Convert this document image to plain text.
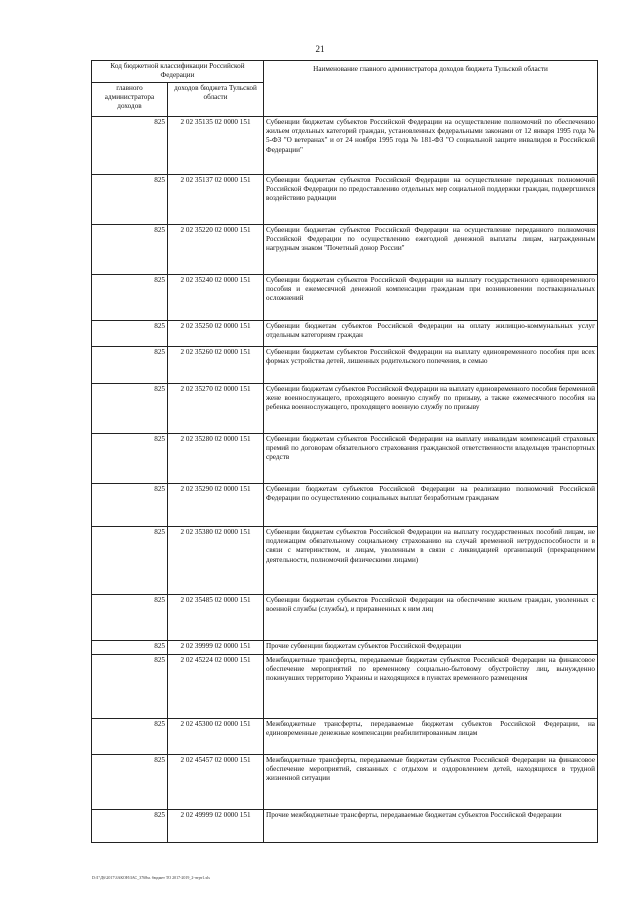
21
Код бюджетной классификации Российской Федерации		Наименование главного администратора доходов бюджета Тульской области
главного администратора доходов	доходов бюджета Тульской области	
825	2 02 35135 02 0000 151	Субвенции бюджетам субъектов Российской Федерации на осуществление полномочий по обеспечению жильем отдельных категорий граждан, установленных федеральными законами от 12 января 1995 года № 5-ФЗ "О ветеранах" и от 24 ноября 1995 года № 181-ФЗ "О социальной защите инвалидов в Российской Федерации"
825	2 02 35137 02 0000 151	Субвенции бюджетам субъектов Российской Федерации на осуществление переданных полномочий Российской Федерации по предоставлению отдельных мер социальной поддержки граждан, подвергшихся воздействию радиации
825	2 02 35220 02 0000 151	Субвенции бюджетам субъектов Российской Федерации на осуществление переданного полномочия Российской Федерации по осуществлению ежегодной денежной выплаты лицам, награжденным нагрудным знаком "Почетный донор России"
825	2 02 35240 02 0000 151	Субвенции бюджетам субъектов Российской Федерации на выплату государственного единовременного пособия и ежемесячной денежной компенсации гражданам при возникновении поствакцинальных осложнений
825	2 02 35250 02 0000 151	Субвенции бюджетам субъектов Российской Федерации на оплату жилищно-коммунальных услуг отдельным категориям граждан
825	2 02 35260 02 0000 151	Субвенции бюджетам субъектов Российской Федерации на выплату единовременного пособия при всех формах устройства детей, лишенных родительского попечения, в семью
825	2 02 35270 02 0000 151	Субвенции бюджетам субъектов Российской Федерации на выплату единовременного пособия беременной жене военнослужащего, проходящего военную службу по призыву, а также ежемесячного пособия на ребенка военнослужащего, проходящего военную службу по призыву
825	2 02 35280 02 0000 151	Субвенции бюджетам субъектов Российской Федерации на выплату инвалидам компенсаций страховых премий по договорам обязательного страхования гражданской ответственности владельцев транспортных средств
825	2 02 35290 02 0000 151	Субвенции бюджетам субъектов Российской Федерации на реализацию полномочий Российской Федерации по осуществлению социальных выплат безработным гражданам
825	2 02 35380 02 0000 151	Субвенции бюджетам субъектов Российской Федерации на выплату государственных пособий лицам, не подлежащим обязательному социальному страхованию на случай временной нетрудоспособности и в связи с материнством, и лицам, уволенным в связи с ликвидацией организаций (прекращением деятельности, полномочий физическими лицами)
825	2 02 35485 02 0000 151	Субвенции бюджетам субъектов Российской Федерации на обеспечение жильем граждан, уволенных с военной службы (службы), и приравненных к ним лиц
825	2 02 39999 02 0000 151	Прочие субвенции бюджетам субъектов Российской Федерации
825	2 02 45224 02 0000 151	Межбюджетные трансферты, передаваемые бюджетам субъектов Российской Федерации на финансовое обеспечение мероприятий по временному социально-бытовому обустройству лиц, вынужденно покинувших территорию Украины и находящихся в пунктах временного размещения
825	2 02 45300 02 0000 151	Межбюджетные трансферты, передаваемые бюджетам субъектов Российской Федерации, на единовременные денежные компенсации реабилитированным лицам
825	2 02 45457 02 0000 151	Межбюджетные трансферты, передаваемые бюджетам субъектов Российской Федерации на финансовое обеспечение мероприятий, связанных с отдыхом и оздоровлением детей, находящихся в трудной жизненной ситуации
825	2 02 49999 02 0000 151	Прочие межбюджетные трансферты, передаваемые бюджетам субъектов Российской Федерации
D:\Г\Д6\2017\ЗАКОН\ЗАС_3768м. бюджет ТО 2017-2019_2-чтрт1.xls
